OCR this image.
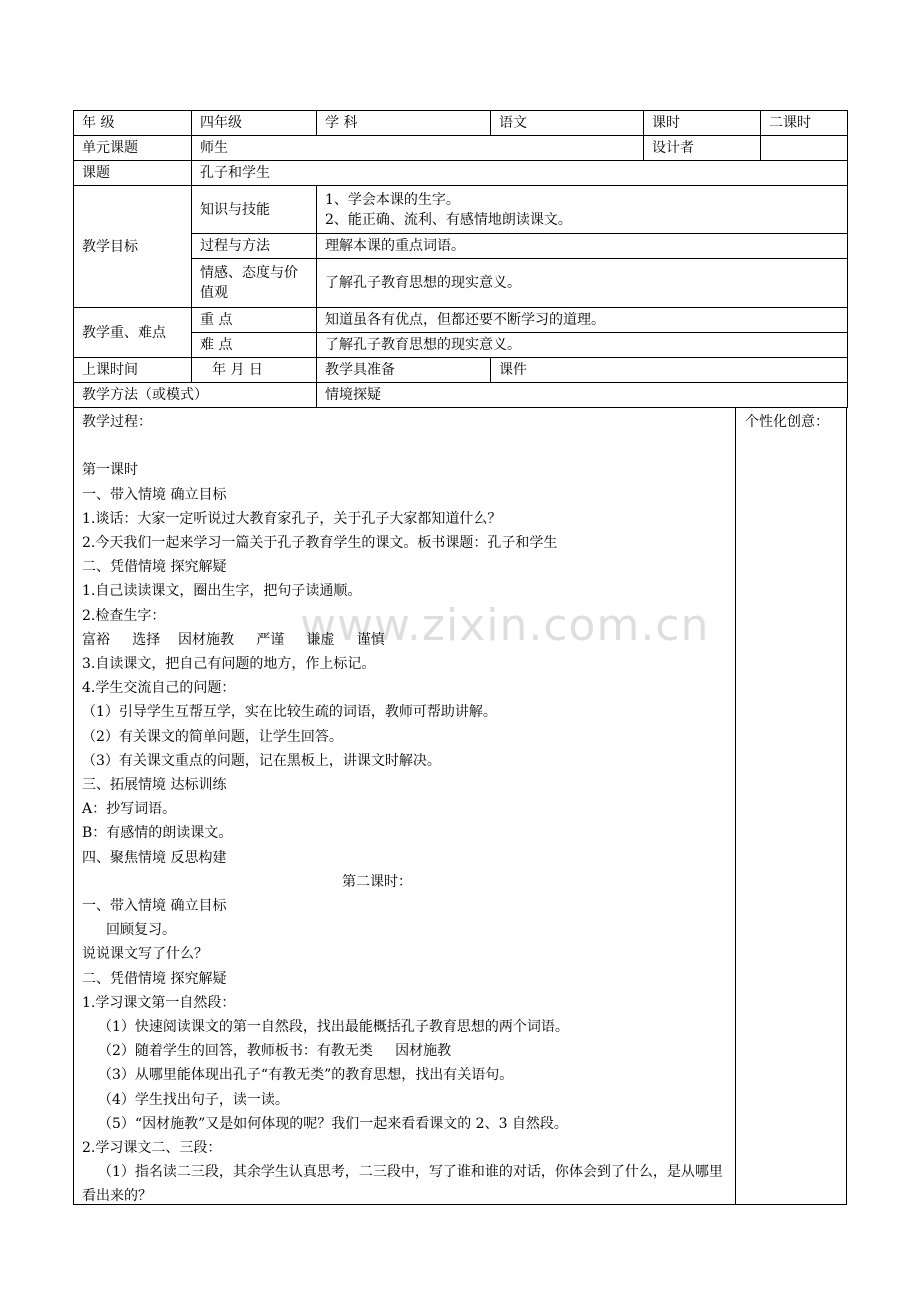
年 级	四年级	学 科	语文	课时	二课时
单元课题	师生			设计者	
课题	孔子和学生				
教学目标	知识与技能	1、学会本课的生字。
2、能正确、流利、有感情地朗读课文。			

	过程与方法	理解本课的重点词语。			
	情感、态度与价值观	了解孔子教育思想的现实意义。			
教学重、难点	重 点	知道虽各有优点，但都还要不断学习的道理。			
	难 点	了解孔子教育思想的现实意义。			
上课时间	年 月 日	教学具准备	课件		
教学方法（或模式）		情境探疑			
教学过程：
第一课时
一、带入情境 确立目标
1.谈话：大家一定听说过大教育家孔子，关于孔子大家都知道什么？
2.今天我们一起来学习一篇关于孔子教育学生的课文。板书课题：孔子和学生
二、凭借情境 探究解疑
1.自己读读课文，圈出生字，把句子读通顺。
2.检查生字：
富裕     选择    因材施教     严谨     谦虚     谨慎
3.自读课文，把自己有问题的地方，作上标记。
4.学生交流自己的问题：
（1）引导学生互帮互学，实在比较生疏的词语，教师可帮助讲解。
（2）有关课文的简单问题，让学生回答。
（3）有关课文重点的问题，记在黑板上，讲课文时解决。
三、拓展情境 达标训练
A：抄写词语。
B：有感情的朗读课文。
四、聚焦情境 反思构建
第二课时：
一、带入情境 确立目标
回顾复习。
说说课文写了什么？
二、凭借情境 探究解疑
1.学习课文第一自然段：
（1）快速阅读课文的第一自然段，找出最能概括孔子教育思想的两个词语。
（2）随着学生的回答，教师板书：有教无类     因材施教
（3）从哪里能体现出孔子“有教无类”的教育思想，找出有关语句。
（4）学生找出句子，读一读。
（5）“因材施教”又是如何体现的呢？我们一起来看看课文的 2、3 自然段。
2.学习课文二、三段：
（1）指名读二三段，其余学生认真思考，二三段中，写了谁和谁的对话，你体会到了什么，是从哪里看出来的？
个性化创意：
www.zixin.com.cn
